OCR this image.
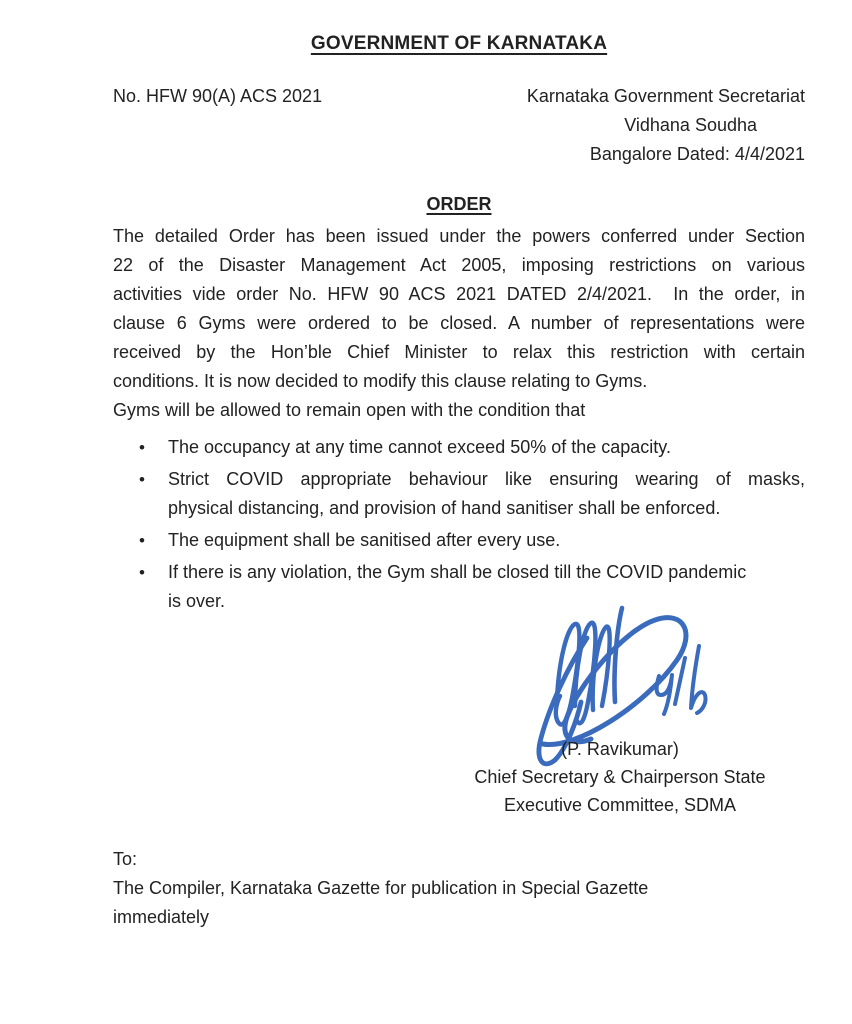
GOVERNMENT OF KARNATAKA
No. HFW 90(A) ACS 2021	Karnataka Government Secretariat
Vidhana Soudha
Bangalore Dated: 4/4/2021
ORDER
The detailed Order has been issued under the powers conferred under Section
22 of the Disaster Management Act 2005, imposing restrictions on various
activities vide order No. HFW 90 ACS 2021 DATED 2/4/2021.  In the order, in
clause 6 Gyms were ordered to be closed. A number of representations were
received by the Hon’ble Chief Minister to relax this restriction with certain
conditions. It is now decided to modify this clause relating to Gyms.
Gyms will be allowed to remain open with the condition that
• The occupancy at any time cannot exceed 50% of the capacity.
• Strict COVID appropriate behaviour like ensuring wearing of masks,
physical distancing, and provision of hand sanitiser shall be enforced.
• The equipment shall be sanitised after every use.
• If there is any violation, the Gym shall be closed till the COVID pandemic
is over.
(P. Ravikumar)
Chief Secretary & Chairperson State
Executive Committee, SDMA
To:
The Compiler, Karnataka Gazette for publication in Special Gazette
immediately
